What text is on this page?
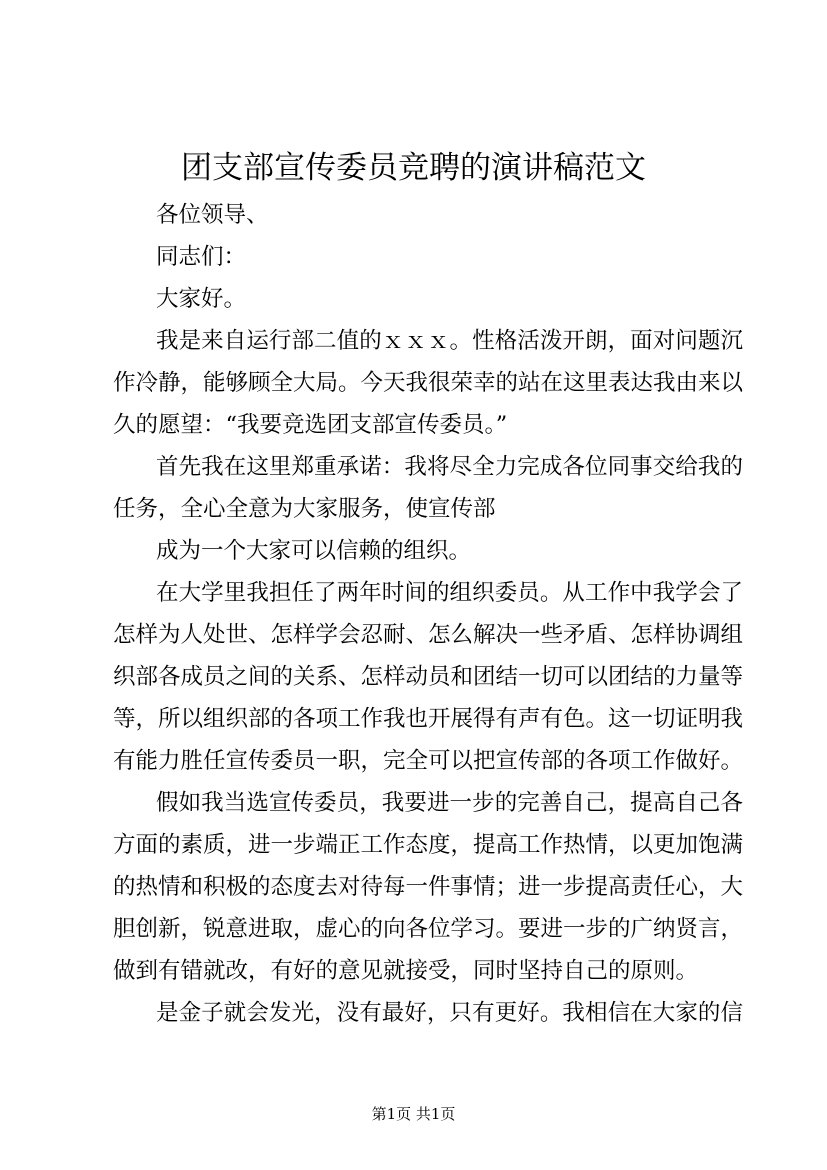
团支部宣传委员竞聘的演讲稿范文
各位领导、
同志们：
大家好。
我是来自运行部二值的ｘｘｘ。性格活泼开朗，面对问题沉
作冷静，能够顾全大局。今天我很荣幸的站在这里表达我由来以
久的愿望：“我要竞选团支部宣传委员。”
首先我在这里郑重承诺：我将尽全力完成各位同事交给我的
任务，全心全意为大家服务，使宣传部
成为一个大家可以信赖的组织。
在大学里我担任了两年时间的组织委员。从工作中我学会了
怎样为人处世、怎样学会忍耐、怎么解决一些矛盾、怎样协调组
织部各成员之间的关系、怎样动员和团结一切可以团结的力量等
等，所以组织部的各项工作我也开展得有声有色。这一切证明我
有能力胜任宣传委员一职，完全可以把宣传部的各项工作做好。
假如我当选宣传委员，我要进一步的完善自己，提高自己各
方面的素质，进一步端正工作态度，提高工作热情，以更加饱满
的热情和积极的态度去对待每一件事情；进一步提高责任心，大
胆创新，锐意进取，虚心的向各位学习。要进一步的广纳贤言，
做到有错就改，有好的意见就接受，同时坚持自己的原则。
是金子就会发光，没有最好，只有更好。我相信在大家的信
第1页 共1页
